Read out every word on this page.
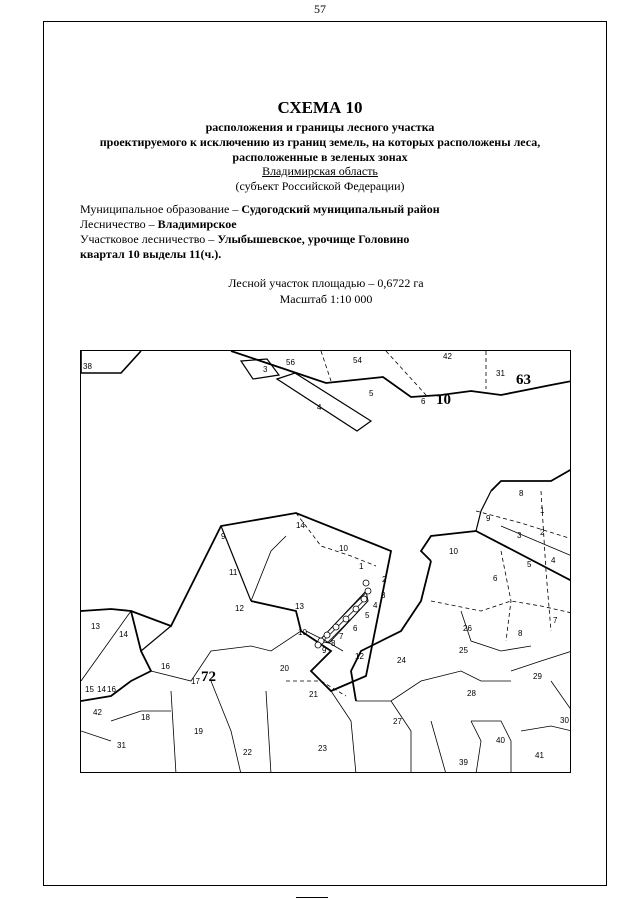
57
СХЕМА 10
расположения и границы лесного участка
проектируемого к исключению из границ земель, на которых расположены леса,
расположенные в зеленых зонах
Владимирская область
(субъект Российской Федерации)
Муниципальное образование – Судогодский муниципальный район
Лесничество – Владимирское
Участковое лесничество – Улыбышевское, урочище Головино
квартал 10 выделы 11(ч.).
Лесной участок площадью – 0,6722 га
Масштаб 1:10 000
63
10
72
38	56	54	42
31
3
4
5
6
8
9
1
2
3
4
5
6
7
8
10
10
14
9
11
12	13
10
1
2
3
4
5
6
7
8
9
12	24
26
25
29
28
30
27
40
41
39
13
14
16
17
20
21
18
19
22	23
31
42
14
15 16
